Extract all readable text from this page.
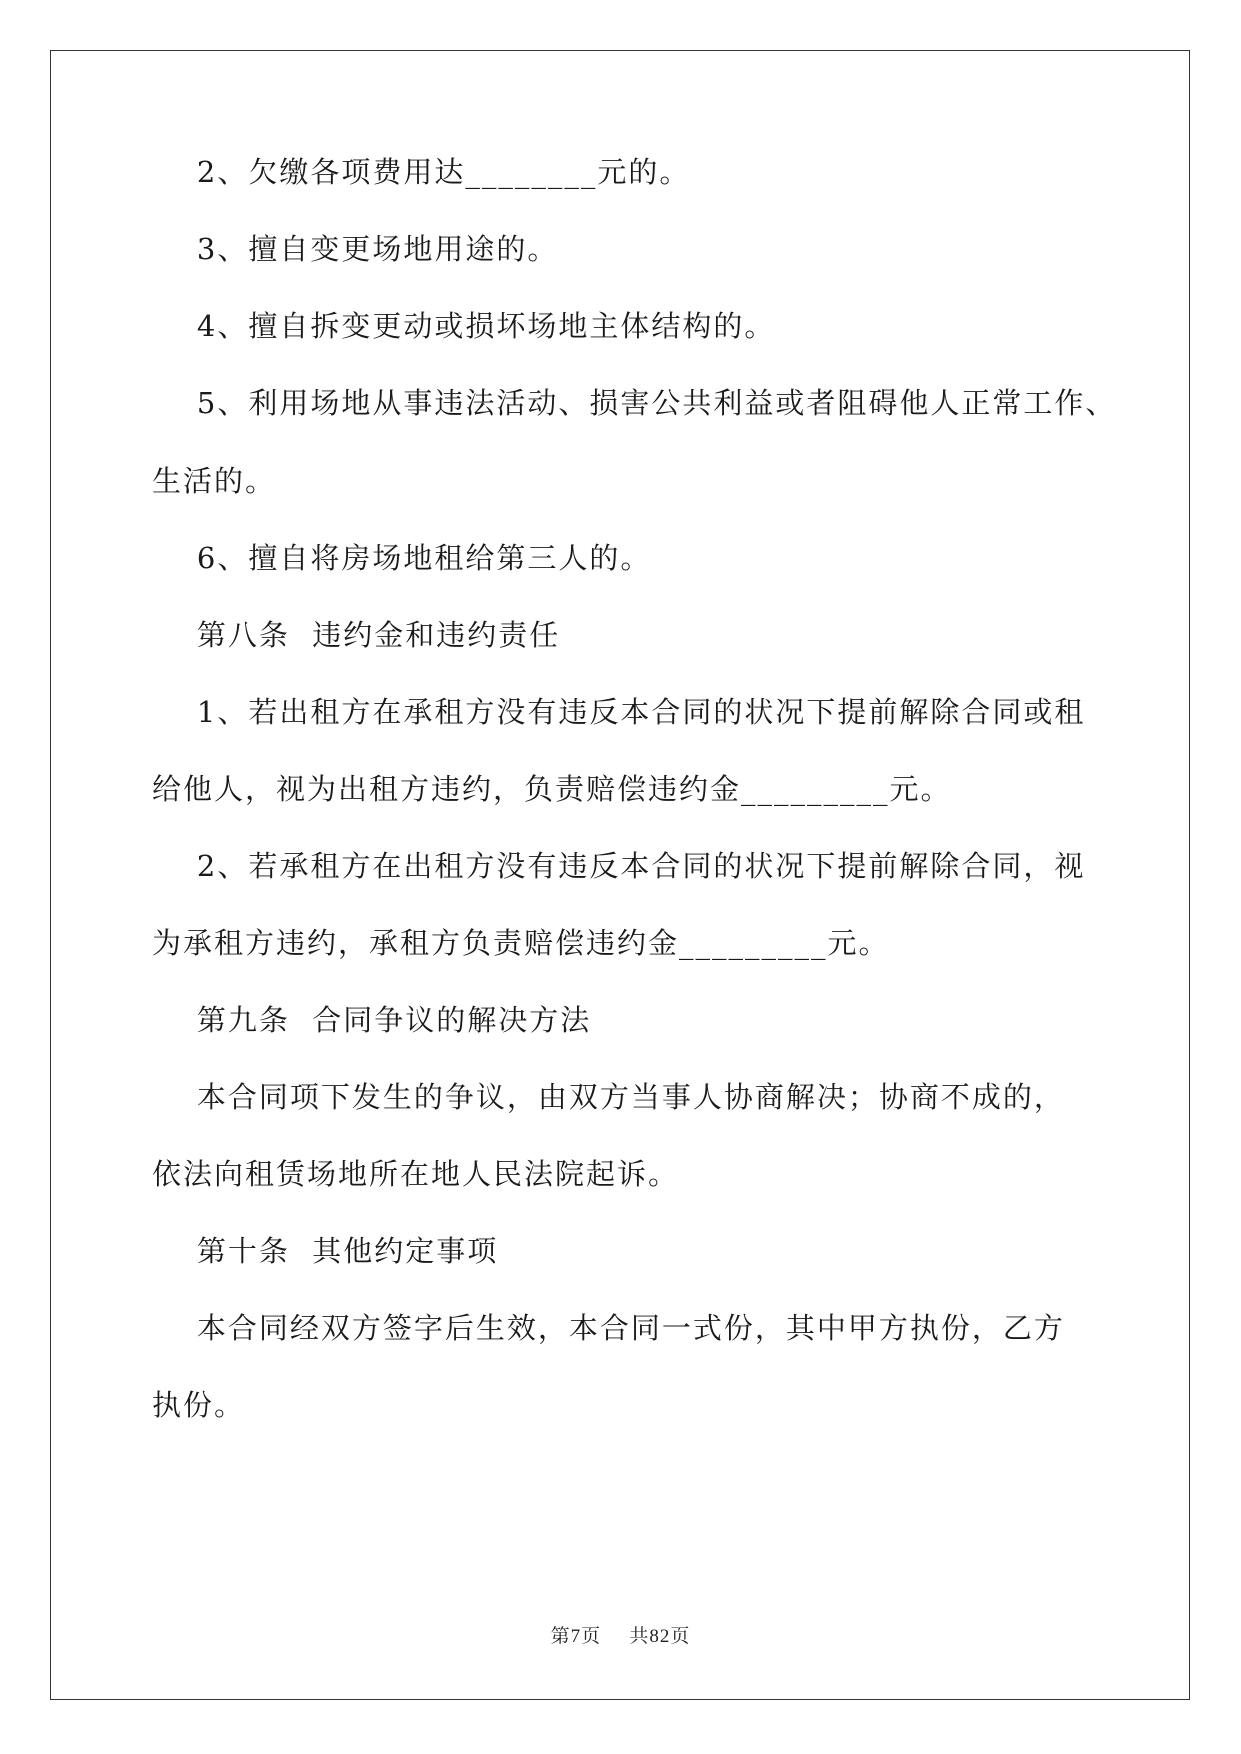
2、欠缴各项费用达________元的。
3、擅自变更场地用途的。
4、擅自拆变更动或损坏场地主体结构的。
5、利用场地从事违法活动、损害公共利益或者阻碍他人正常工作、
生活的。
6、擅自将房场地租给第三人的。
第八条  违约金和违约责任
1、若出租方在承租方没有违反本合同的状况下提前解除合同或租
给他人，视为出租方违约，负责赔偿违约金_________元。
2、若承租方在出租方没有违反本合同的状况下提前解除合同，视
为承租方违约，承租方负责赔偿违约金_________元。
第九条  合同争议的解决方法
本合同项下发生的争议，由双方当事人协商解决；协商不成的，
依法向租赁场地所在地人民法院起诉。
第十条  其他约定事项
本合同经双方签字后生效，本合同一式份，其中甲方执份，乙方
执份。
第7页    共82页
